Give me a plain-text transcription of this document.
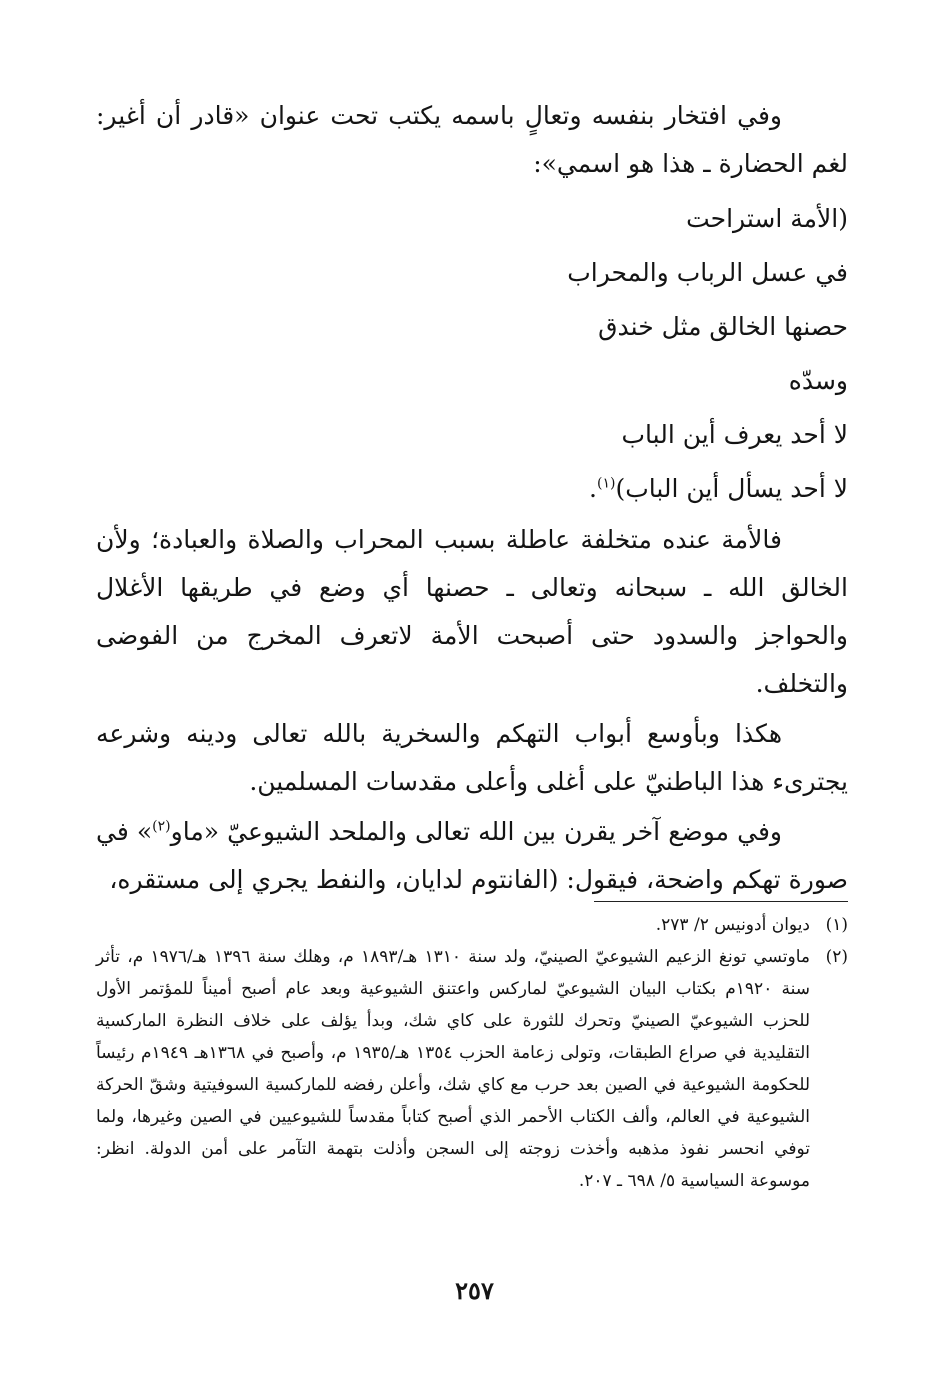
وفي افتخار بنفسه وتعالٍ باسمه يكتب تحت عنوان «قادر أن أغير: لغم الحضارة ـ هذا هو اسمي»:

(الأمة استراحت
في عسل الرباب والمحراب
حصنها الخالق مثل خندق
وسدّه
لا أحد يعرف أين الباب
لا أحد يسأل أين الباب)$^{(١)}$.

فالأمة عنده متخلفة عاطلة بسبب المحراب والصلاة والعبادة؛ ولأن الخالق الله ـ سبحانه وتعالى ـ حصنها أي وضع في طريقها الأغلال والحواجز والسدود حتى أصبحت الأمة لاتعرف المخرج من الفوضى والتخلف.

هكذا وبأوسع أبواب التهكم والسخرية بالله تعالى ودينه وشرعه يجترىء هذا الباطنيّ على أغلى وأعلى مقدسات المسلمين.

وفي موضع آخر يقرن بين الله تعالى والملحد الشيوعيّ «ماو$^{(٢)}$» في صورة تهكم واضحة، فيقول: (الفانتوم لدايان، والنفط يجري إلى مستقره،

(١)
ديوان أدونيس ٢/ ٢٧٣.
(٢)
ماوتسي تونغ الزعيم الشيوعيّ الصينيّ، ولد سنة ١٣١٠ هـ/١٨٩٣ م، وهلك سنة ١٣٩٦ هـ/١٩٧٦ م، تأثر سنة ١٩٢٠م بكتاب البيان الشيوعيّ لماركس واعتنق الشيوعية وبعد عام أصبح أميناً للمؤتمر الأول للحزب الشيوعيّ الصينيّ وتحرك للثورة على كاي شك، وبدأ يؤلف على خلاف النظرة الماركسية التقليدية في صراع الطبقات، وتولى زعامة الحزب ١٣٥٤ هـ/١٩٣٥ م، وأصبح في ١٣٦٨هـ ١٩٤٩م رئيساً للحكومة الشيوعية في الصين بعد حرب مع كاي شك، وأعلن رفضه للماركسية السوفيتية وشقّ الحركة الشيوعية في العالم، وألف الكتاب الأحمر الذي أصبح كتاباً مقدساً للشيوعيين في الصين وغيرها، ولما توفي انحسر نفوذ مذهبه وأخذت زوجته إلى السجن وأذلت بتهمة التآمر على أمن الدولة. انظر: موسوعة السياسية ٥/ ٦٩٨ ـ ٢٠٧.
٢٥٧
